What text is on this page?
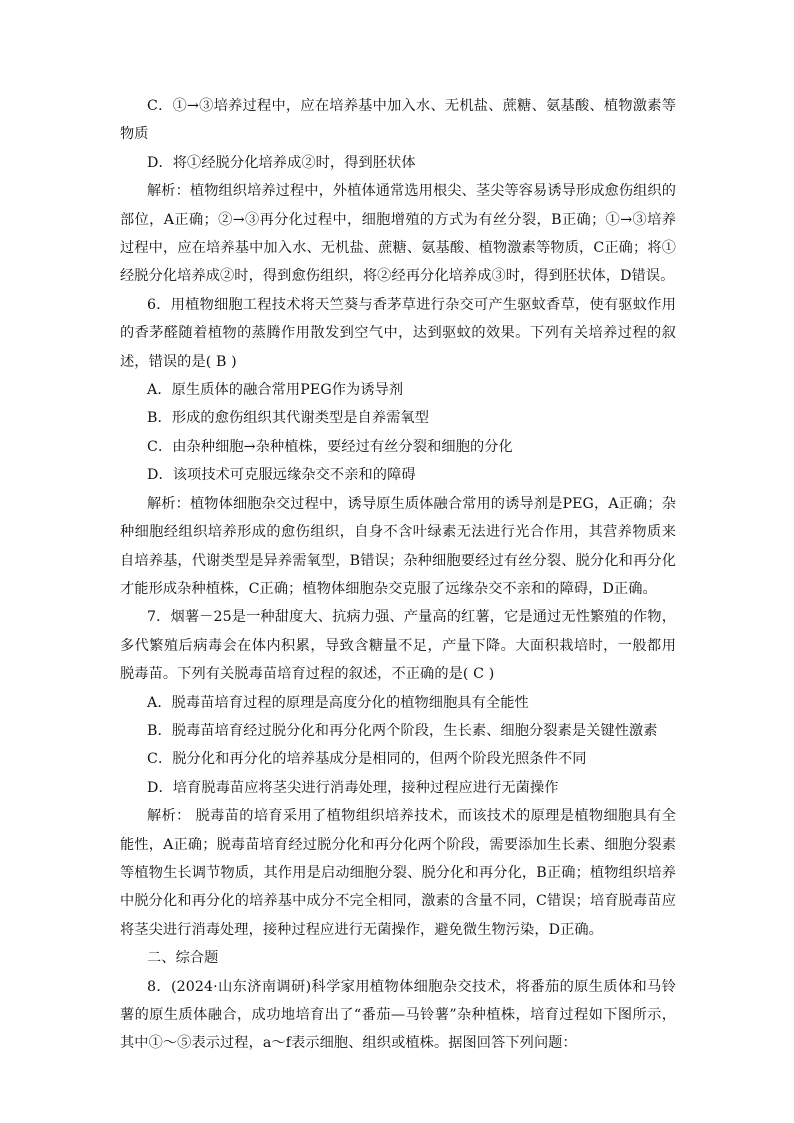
C．①→③培养过程中，应在培养基中加入水、无机盐、蔗糖、氨基酸、植物激素等物质

D．将①经脱分化培养成②时，得到胚状体

解析：植物组织培养过程中，外植体通常选用根尖、茎尖等容易诱导形成愈伤组织的部位，A正确；②→③再分化过程中，细胞增殖的方式为有丝分裂，B正确；①→③培养过程中，应在培养基中加入水、无机盐、蔗糖、氨基酸、植物激素等物质，C正确；将①经脱分化培养成②时，得到愈伤组织，将②经再分化培养成③时，得到胚状体，D错误。

6．用植物细胞工程技术将天竺葵与香茅草进行杂交可产生驱蚊香草，使有驱蚊作用的香茅醛随着植物的蒸腾作用散发到空气中，达到驱蚊的效果。下列有关培养过程的叙述，错误的是( B )

A．原生质体的融合常用PEG作为诱导剂

B．形成的愈伤组织其代谢类型是自养需氧型

C．由杂种细胞→杂种植株，要经过有丝分裂和细胞的分化

D．该项技术可克服远缘杂交不亲和的障碍

解析：植物体细胞杂交过程中，诱导原生质体融合常用的诱导剂是PEG，A正确；杂种细胞经组织培养形成的愈伤组织，自身不含叶绿素无法进行光合作用，其营养物质来自培养基，代谢类型是异养需氧型，B错误；杂种细胞要经过有丝分裂、脱分化和再分化才能形成杂种植株，C正确；植物体细胞杂交克服了远缘杂交不亲和的障碍，D正确。

7．烟薯－25是一种甜度大、抗病力强、产量高的红薯，它是通过无性繁殖的作物，多代繁殖后病毒会在体内积累，导致含糖量不足，产量下降。大面积栽培时，一般都用脱毒苗。下列有关脱毒苗培育过程的叙述，不正确的是( C )

A．脱毒苗培育过程的原理是高度分化的植物细胞具有全能性

B．脱毒苗培育经过脱分化和再分化两个阶段，生长素、细胞分裂素是关键性激素

C．脱分化和再分化的培养基成分是相同的，但两个阶段光照条件不同

D．培育脱毒苗应将茎尖进行消毒处理，接种过程应进行无菌操作

解析： 脱毒苗的培育采用了植物组织培养技术，而该技术的原理是植物细胞具有全能性，A正确；脱毒苗培育经过脱分化和再分化两个阶段，需要添加生长素、细胞分裂素等植物生长调节物质，其作用是启动细胞分裂、脱分化和再分化，B正确；植物组织培养中脱分化和再分化的培养基中成分不完全相同，激素的含量不同，C错误；培育脱毒苗应将茎尖进行消毒处理，接种过程应进行无菌操作，避免微生物污染，D正确。

二、综合题

8．(2024·山东济南调研)科学家用植物体细胞杂交技术，将番茄的原生质体和马铃薯的原生质体融合，成功地培育出了“番茄—马铃薯”杂种植株，培育过程如下图所示，其中①～⑤表示过程，a～f表示细胞、组织或植株。据图回答下列问题：
